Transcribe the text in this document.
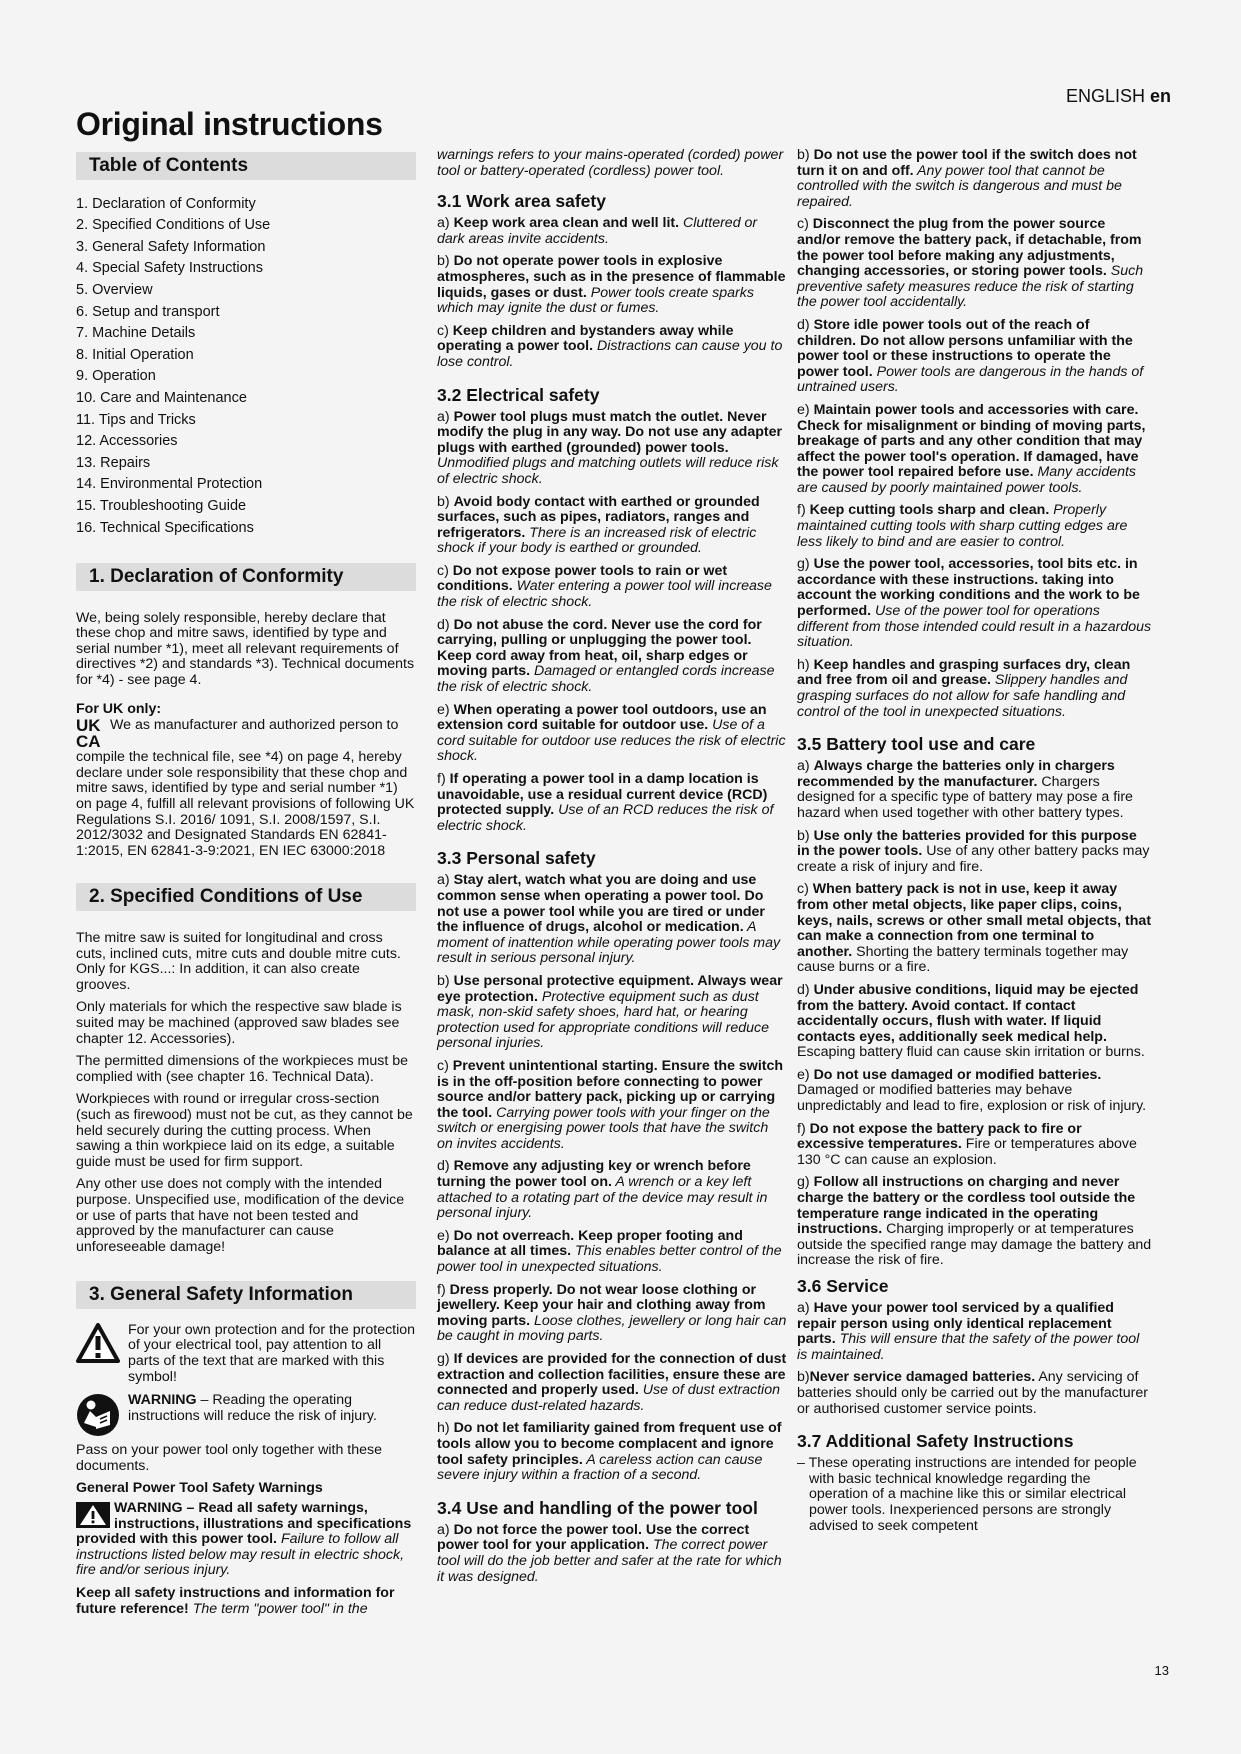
ENGLISH en
Original instructions
13
Table of Contents
1. Declaration of Conformity
2. Specified Conditions of Use
3. General Safety Information
4. Special Safety Instructions
5. Overview
6. Setup and transport
7. Machine Details
8. Initial Operation
9. Operation
10. Care and Maintenance
11. Tips and Tricks
12. Accessories
13. Repairs
14. Environmental Protection
15. Troubleshooting Guide
16. Technical Specifications
1. Declaration of Conformity

We, being solely responsible, hereby declare that these chop and mitre saws, identified by type and serial number *1), meet all relevant requirements of directives *2) and standards *3). Technical documents for *4) - see page 4.

For UK only:

UK CAWe as manufacturer and authorized person to compile the technical file, see *4) on page 4, hereby declare under sole responsibility that these chop and mitre saws, identified by type and serial number *1) on page 4, fulfill all relevant provisions of following UK Regulations S.I. 2016/ 1091, S.I. 2008/1597, S.I. 2012/3032 and Designated Standards EN 62841-1:2015, EN 62841-3-9:2021, EN IEC 63000:2018

2. Specified Conditions of Use

The mitre saw is suited for longitudinal and cross cuts, inclined cuts, mitre cuts and double mitre cuts.

Only for KGS...: In addition, it can also create grooves.

Only materials for which the respective saw blade is suited may be machined (approved saw blades see chapter 12. Accessories).

The permitted dimensions of the workpieces must be complied with (see chapter 16. Technical Data).

Workpieces with round or irregular cross-section (such as firewood) must not be cut, as they cannot be held securely during the cutting process. When sawing a thin workpiece laid on its edge, a suitable guide must be used for firm support.

Any other use does not comply with the intended purpose. Unspecified use, modification of the device or use of parts that have not been tested and approved by the manufacturer can cause unforeseeable damage!

3. General Safety Information
For your own protection and for the protection of your electrical tool, pay attention to all parts of the text that are marked with this symbol!
WARNING – Reading the operating instructions will reduce the risk of injury.

Pass on your power tool only together with these documents.

General Power Tool Safety Warnings

WARNING – Read all safety warnings, instructions, illustrations and specifications provided with this power tool. Failure to follow all instructions listed below may result in electric shock, fire and/or serious injury.

Keep all safety instructions and information for future reference! The term "power tool" in the

warnings refers to your mains-operated (corded) power tool or battery-operated (cordless) power tool.

3.1 Work area safety

a) Keep work area clean and well lit. Cluttered or dark areas invite accidents.

b) Do not operate power tools in explosive atmospheres, such as in the presence of flammable liquids, gases or dust. Power tools create sparks which may ignite the dust or fumes.

c) Keep children and bystanders away while operating a power tool. Distractions can cause you to lose control.

3.2 Electrical safety

a) Power tool plugs must match the outlet. Never modify the plug in any way. Do not use any adapter plugs with earthed (grounded) power tools. Unmodified plugs and matching outlets will reduce risk of electric shock.

b) Avoid body contact with earthed or grounded surfaces, such as pipes, radiators, ranges and refrigerators. There is an increased risk of electric shock if your body is earthed or grounded.

c) Do not expose power tools to rain or wet conditions. Water entering a power tool will increase the risk of electric shock.

d) Do not abuse the cord. Never use the cord for carrying, pulling or unplugging the power tool. Keep cord away from heat, oil, sharp edges or moving parts. Damaged or entangled cords increase the risk of electric shock.

e) When operating a power tool outdoors, use an extension cord suitable for outdoor use. Use of a cord suitable for outdoor use reduces the risk of electric shock.

f) If operating a power tool in a damp location is unavoidable, use a residual current device (RCD) protected supply. Use of an RCD reduces the risk of electric shock.

3.3 Personal safety

a) Stay alert, watch what you are doing and use common sense when operating a power tool. Do not use a power tool while you are tired or under the influence of drugs, alcohol or medication. A moment of inattention while operating power tools may result in serious personal injury.

b) Use personal protective equipment. Always wear eye protection. Protective equipment such as dust mask, non-skid safety shoes, hard hat, or hearing protection used for appropriate conditions will reduce personal injuries.

c) Prevent unintentional starting. Ensure the switch is in the off-position before connecting to power source and/or battery pack, picking up or carrying the tool. Carrying power tools with your finger on the switch or energising power tools that have the switch on invites accidents.

d) Remove any adjusting key or wrench before turning the power tool on. A wrench or a key left attached to a rotating part of the device may result in personal injury.

e) Do not overreach. Keep proper footing and balance at all times. This enables better control of the power tool in unexpected situations.

f) Dress properly. Do not wear loose clothing or jewellery. Keep your hair and clothing away from moving parts. Loose clothes, jewellery or long hair can be caught in moving parts.

g) If devices are provided for the connection of dust extraction and collection facilities, ensure these are connected and properly used. Use of dust extraction can reduce dust-related hazards.

h) Do not let familiarity gained from frequent use of tools allow you to become complacent and ignore tool safety principles. A careless action can cause severe injury within a fraction of a second.

3.4 Use and handling of the power tool

a) Do not force the power tool. Use the correct power tool for your application. The correct power tool will do the job better and safer at the rate for which it was designed.

b) Do not use the power tool if the switch does not turn it on and off. Any power tool that cannot be controlled with the switch is dangerous and must be repaired.

c) Disconnect the plug from the power source and/or remove the battery pack, if detachable, from the power tool before making any adjustments, changing accessories, or storing power tools. Such preventive safety measures reduce the risk of starting the power tool accidentally.

d) Store idle power tools out of the reach of children. Do not allow persons unfamiliar with the power tool or these instructions to operate the power tool. Power tools are dangerous in the hands of untrained users.

e) Maintain power tools and accessories with care. Check for misalignment or binding of moving parts, breakage of parts and any other condition that may affect the power tool's operation. If damaged, have the power tool repaired before use. Many accidents are caused by poorly maintained power tools.

f) Keep cutting tools sharp and clean. Properly maintained cutting tools with sharp cutting edges are less likely to bind and are easier to control.

g) Use the power tool, accessories, tool bits etc. in accordance with these instructions. taking into account the working conditions and the work to be performed. Use of the power tool for operations different from those intended could result in a hazardous situation.

h) Keep handles and grasping surfaces dry, clean and free from oil and grease. Slippery handles and grasping surfaces do not allow for safe handling and control of the tool in unexpected situations.

3.5 Battery tool use and care

a) Always charge the batteries only in chargers recommended by the manufacturer. Chargers designed for a specific type of battery may pose a fire hazard when used together with other battery types.

b) Use only the batteries provided for this purpose in the power tools. Use of any other battery packs may create a risk of injury and fire.

c) When battery pack is not in use, keep it away from other metal objects, like paper clips, coins, keys, nails, screws or other small metal objects, that can make a connection from one terminal to another. Shorting the battery terminals together may cause burns or a fire.

d) Under abusive conditions, liquid may be ejected from the battery. Avoid contact. If contact accidentally occurs, flush with water. If liquid contacts eyes, additionally seek medical help. Escaping battery fluid can cause skin irritation or burns.

e) Do not use damaged or modified batteries. Damaged or modified batteries may behave unpredictably and lead to fire, explosion or risk of injury.

f) Do not expose the battery pack to fire or excessive temperatures. Fire or temperatures above 130 °C can cause an explosion.

g) Follow all instructions on charging and never charge the battery or the cordless tool outside the temperature range indicated in the operating instructions. Charging improperly or at temperatures outside the specified range may damage the battery and increase the risk of fire.

3.6 Service

a) Have your power tool serviced by a qualified repair person using only identical replacement parts. This will ensure that the safety of the power tool is maintained.

b)Never service damaged batteries. Any servicing of batteries should only be carried out by the manufacturer or authorised customer service points.

3.7 Additional Safety Instructions

– These operating instructions are intended for people with basic technical knowledge regarding the operation of a machine like this or similar electrical power tools. Inexperienced persons are strongly advised to seek competent
